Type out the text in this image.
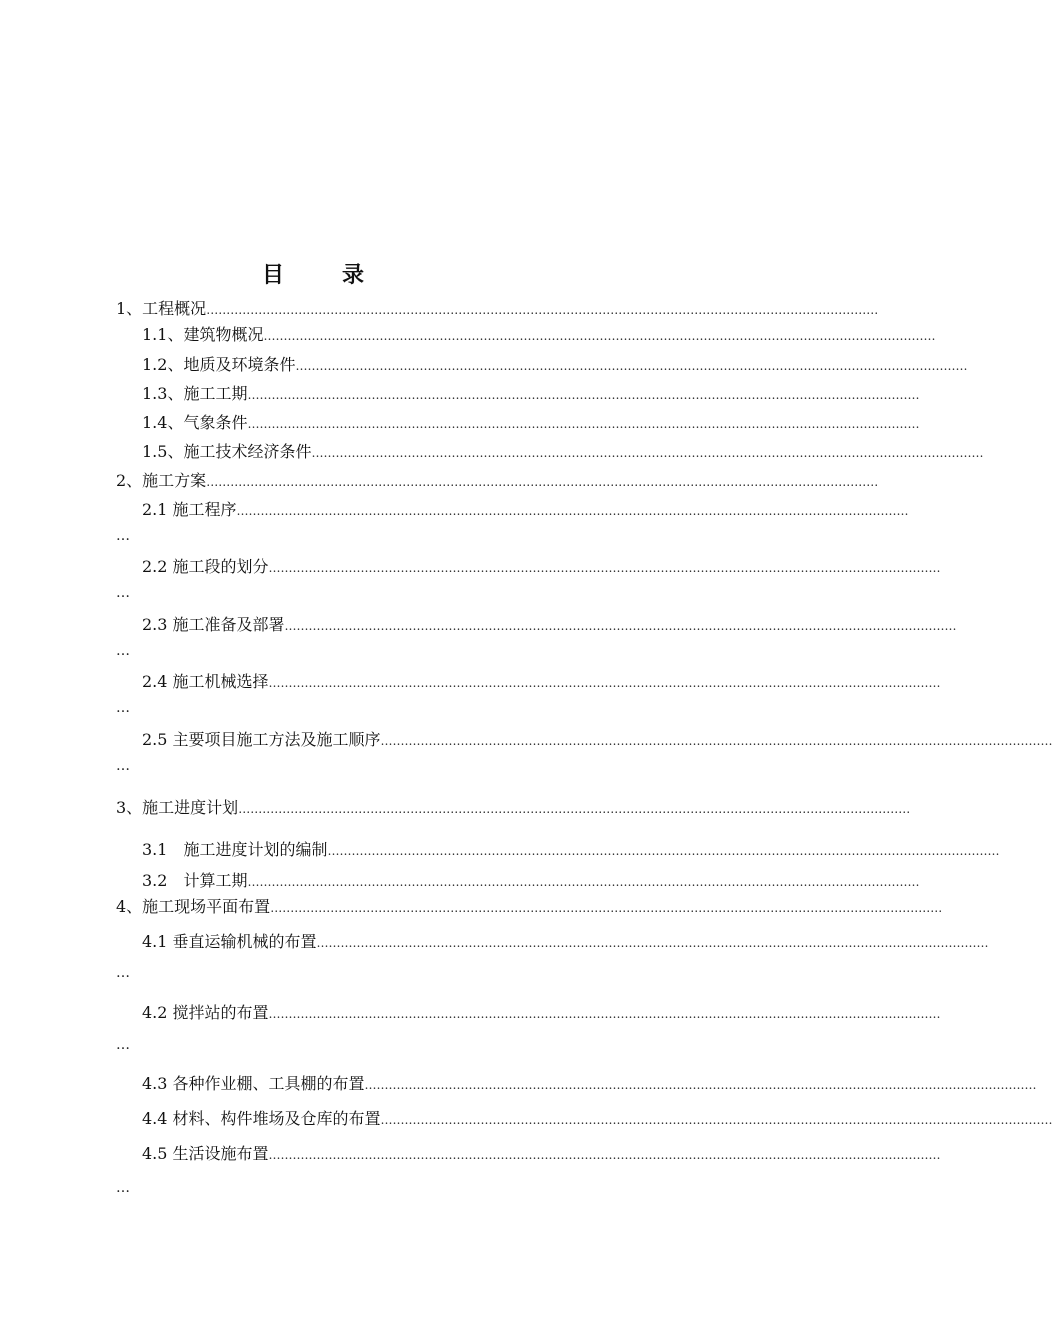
目	录
1、工程概况 ……………………………………………………………………………………………………………………………………………………
1.1、建筑物概况 ……………………………………………………………………………………………………………………………………………………
1.2、地质及环境条件 ……………………………………………………………………………………………………………………………………………………
1.3、施工工期 ……………………………………………………………………………………………………………………………………………………
1.4、气象条件 ……………………………………………………………………………………………………………………………………………………
1.5、施工技术经济条件 ……………………………………………………………………………………………………………………………………………………
2、施工方案 ……………………………………………………………………………………………………………………………………………………
2.1 施工程序 ……………………………………………………………………………………………………………………………………………………
…
2.2 施工段的划分 ……………………………………………………………………………………………………………………………………………………
…
2.3 施工准备及部署 ……………………………………………………………………………………………………………………………………………………
…
2.4 施工机械选择 ……………………………………………………………………………………………………………………………………………………
…
2.5 主要项目施工方法及施工顺序 ……………………………………………………………………………………………………………………………………………………
…
3、施工进度计划 ……………………………………………………………………………………………………………………………………………………
3.1　施工进度计划的编制 ……………………………………………………………………………………………………………………………………………………
3.2　计算工期 ……………………………………………………………………………………………………………………………………………………
4、施工现场平面布置 ……………………………………………………………………………………………………………………………………………………
4.1 垂直运输机械的布置 ……………………………………………………………………………………………………………………………………………………
…
4.2 搅拌站的布置 ……………………………………………………………………………………………………………………………………………………
…
4.3 各种作业棚、工具棚的布置 ……………………………………………………………………………………………………………………………………………………
4.4 材料、构件堆场及仓库的布置 ……………………………………………………………………………………………………………………………………………………
4.5 生活设施布置 ……………………………………………………………………………………………………………………………………………………
…
